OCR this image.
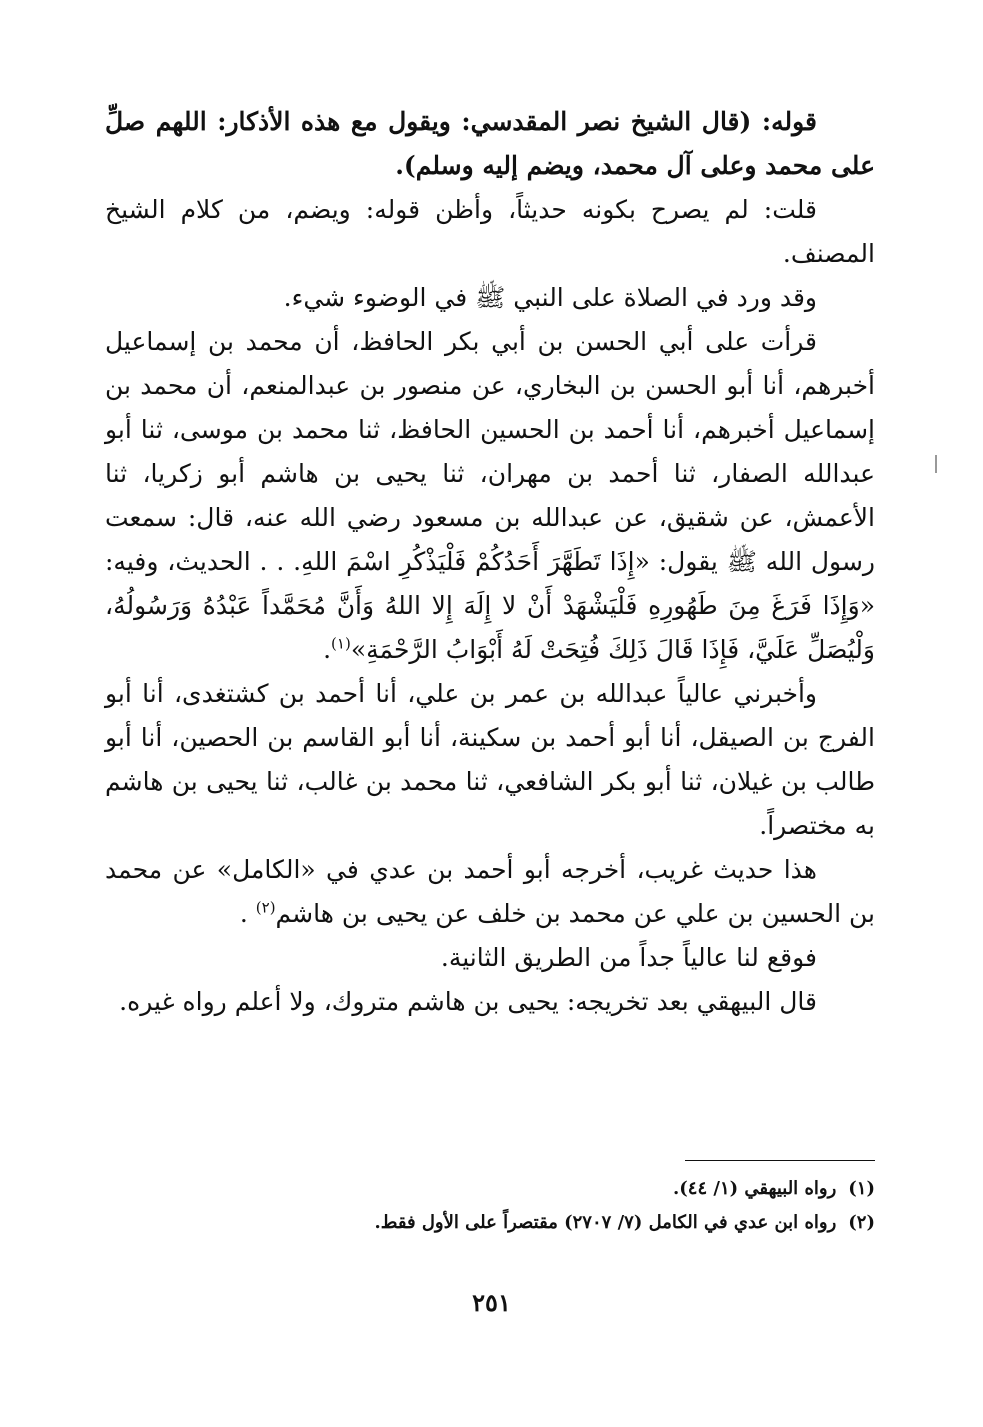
قوله: (قال الشيخ نصر المقدسي: ويقول مع هذه الأذكار: اللهم صلِّ على محمد وعلى آل محمد، ويضم إليه وسلم).

قلت: لم يصرح بكونه حديثاً، وأظن قوله: ويضم، من كلام الشيخ المصنف.

وقد ورد في الصلاة على النبي ﷺ في الوضوء شيء.

قرأت على أبي الحسن بن أبي بكر الحافظ، أن محمد بن إسماعيل أخبرهم، أنا أبو الحسن بن البخاري، عن منصور بن عبدالمنعم، أن محمد بن إسماعيل أخبرهم، أنا أحمد بن الحسين الحافظ، ثنا محمد بن موسى، ثنا أبو عبدالله الصفار، ثنا أحمد بن مهران، ثنا يحيى بن هاشم أبو زكريا، ثنا الأعمش، عن شقيق، عن عبدالله بن مسعود رضي الله عنه، قال: سمعت رسول الله ﷺ يقول: «إِذَا تَطَهَّرَ أَحَدُكُمْ فَلْيَذْكُرِ اسْمَ اللهِ. . . الحديث، وفيه: «وَإِذَا فَرَغَ مِنَ طَهُورِهِ فَلْيَشْهَدْ أَنْ لا إِلَهَ إِلا اللهُ وَأَنَّ مُحَمَّداً عَبْدُهُ وَرَسُولُهُ، وَلْيُصَلِّ عَلَيَّ، فَإِذَا قَالَ ذَلِكَ فُتِحَتْ لَهُ أَبْوَابُ الرَّحْمَةِ»$^{(١)}$.

وأخبرني عالياً عبدالله بن عمر بن علي، أنا أحمد بن كشتغدى، أنا أبو الفرج بن الصيقل، أنا أبو أحمد بن سكينة، أنا أبو القاسم بن الحصين، أنا أبو طالب بن غيلان، ثنا أبو بكر الشافعي، ثنا محمد بن غالب، ثنا يحيى بن هاشم به مختصراً.

هذا حديث غريب، أخرجه أبو أحمد بن عدي في «الكامل» عن محمد بن الحسين بن علي عن محمد بن خلف عن يحيى بن هاشم$^{(٢)}$ .

فوقع لنا عالياً جداً من الطريق الثانية.

قال البيهقي بعد تخريجه: يحيى بن هاشم متروك، ولا أعلم رواه غيره.

(١)رواه البيهقي (١/ ٤٤).

(٢)رواه ابن عدي في الكامل (٧/ ٢٧٠٧) مقتصراً على الأول فقط.

٢٥١
